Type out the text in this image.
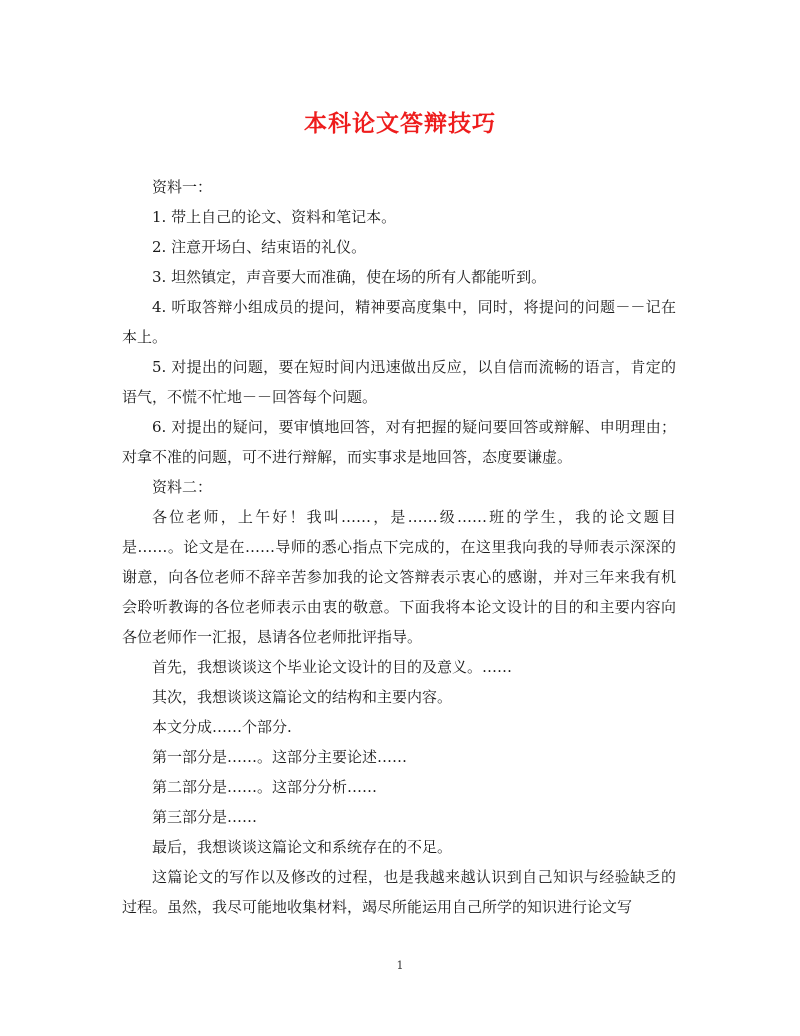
本科论文答辩技巧

资料一：

1. 带上自己的论文、资料和笔记本。

2. 注意开场白、结束语的礼仪。

3. 坦然镇定，声音要大而准确，使在场的所有人都能听到。

4. 听取答辩小组成员的提问，精神要高度集中，同时，将提问的问题－－记在本上。

5. 对提出的问题，要在短时间内迅速做出反应，以自信而流畅的语言，肯定的语气，不慌不忙地－－回答每个问题。

6. 对提出的疑问，要审慎地回答，对有把握的疑问要回答或辩解、申明理由；对拿不准的问题，可不进行辩解，而实事求是地回答，态度要谦虚。

资料二：

各位老师，上午好！我叫……，是……级……班的学生，我的论文题目是……。论文是在……导师的悉心指点下完成的，在这里我向我的导师表示深深的谢意，向各位老师不辞辛苦参加我的论文答辩表示衷心的感谢，并对三年来我有机会聆听教诲的各位老师表示由衷的敬意。下面我将本论文设计的目的和主要内容向各位老师作一汇报，恳请各位老师批评指导。

首先，我想谈谈这个毕业论文设计的目的及意义。……

其次，我想谈谈这篇论文的结构和主要内容。

本文分成……个部分.

第一部分是……。这部分主要论述……

第二部分是……。这部分分析……

第三部分是……

最后，我想谈谈这篇论文和系统存在的不足。

这篇论文的写作以及修改的过程，也是我越来越认识到自己知识与经验缺乏的过程。虽然，我尽可能地收集材料，竭尽所能运用自己所学的知识进行论文写

1
